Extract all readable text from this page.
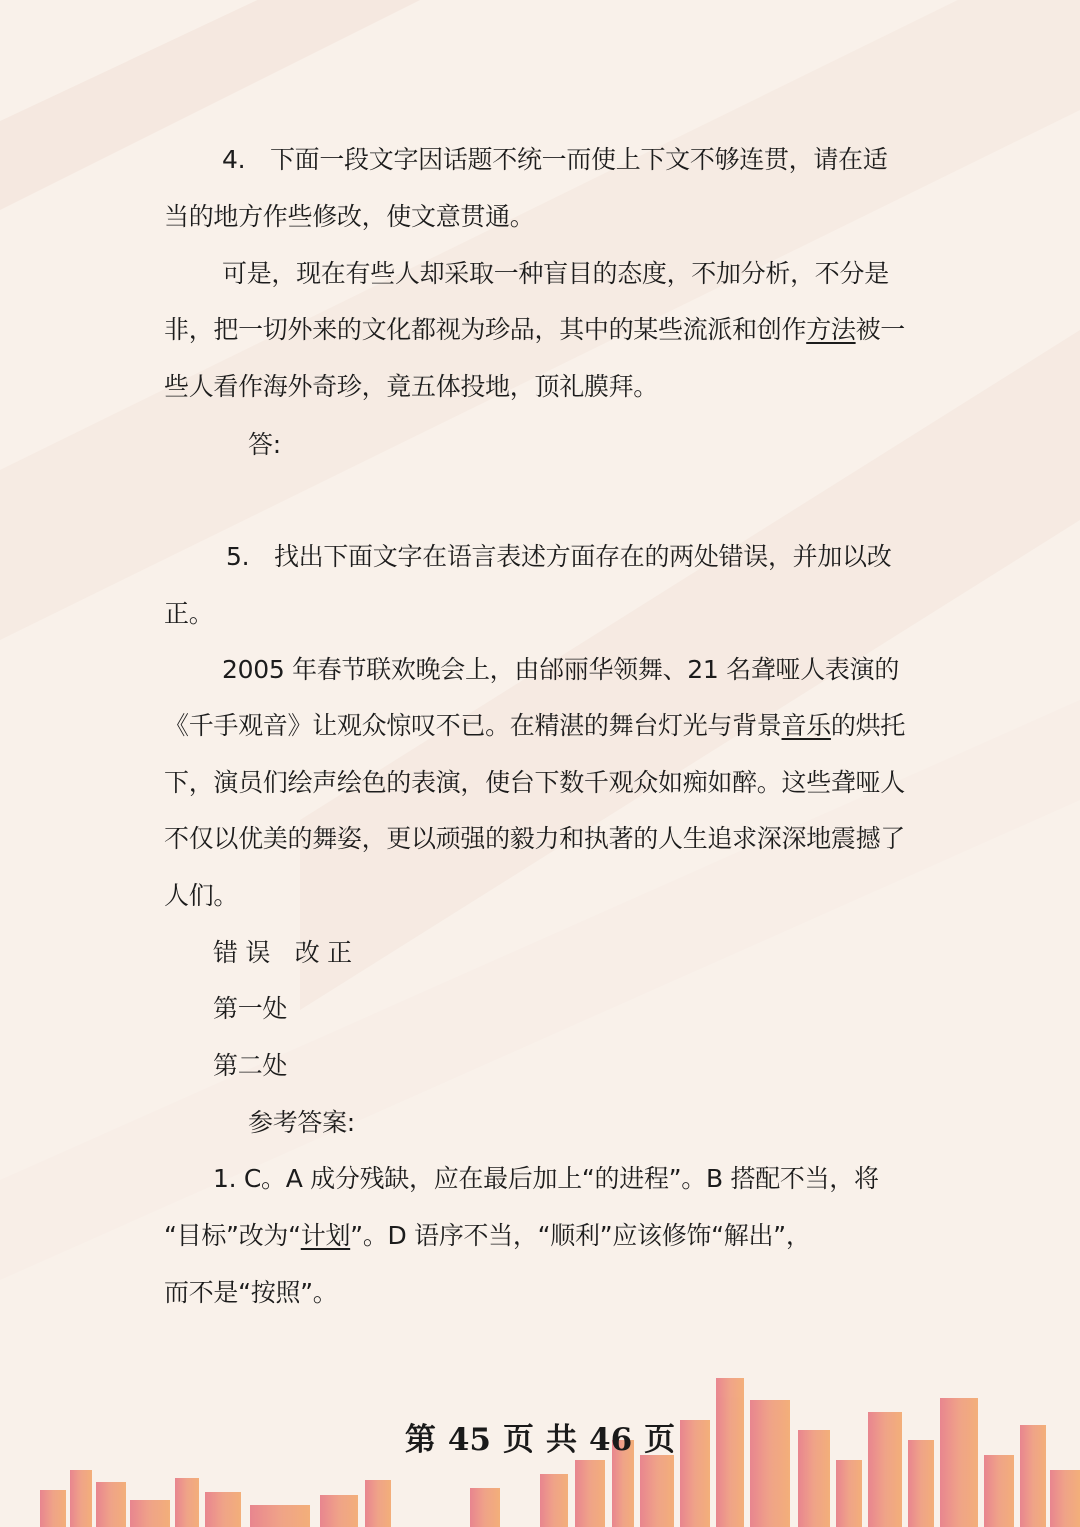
4.　下面一段文字因话题不统一而使上下文不够连贯，请在适
当的地方作些修改，使文意贯通。
可是，现在有些人却采取一种盲目的态度，不加分析，不分是
非，把一切外来的文化都视为珍品，其中的某些流派和创作方法被一
些人看作海外奇珍，竟五体投地，顶礼膜拜。
答:
5.　找出下面文字在语言表述方面存在的两处错误，并加以改
正。
2005 年春节联欢晚会上，由邰丽华领舞、21 名聋哑人表演的
《千手观音》让观众惊叹不已。在精湛的舞台灯光与背景音乐的烘托
下，演员们绘声绘色的表演，使台下数千观众如痴如醉。这些聋哑人
不仅以优美的舞姿，更以顽强的毅力和执著的人生追求深深地震撼了
人们。
错 误　改 正
第一处
第二处
参考答案:
1. C。A 成分残缺，应在最后加上“的进程”。B 搭配不当，将
“目标”改为“计划”。D 语序不当，“顺利”应该修饰“解出”，
而不是“按照”。
第 45 页 共 46 页
